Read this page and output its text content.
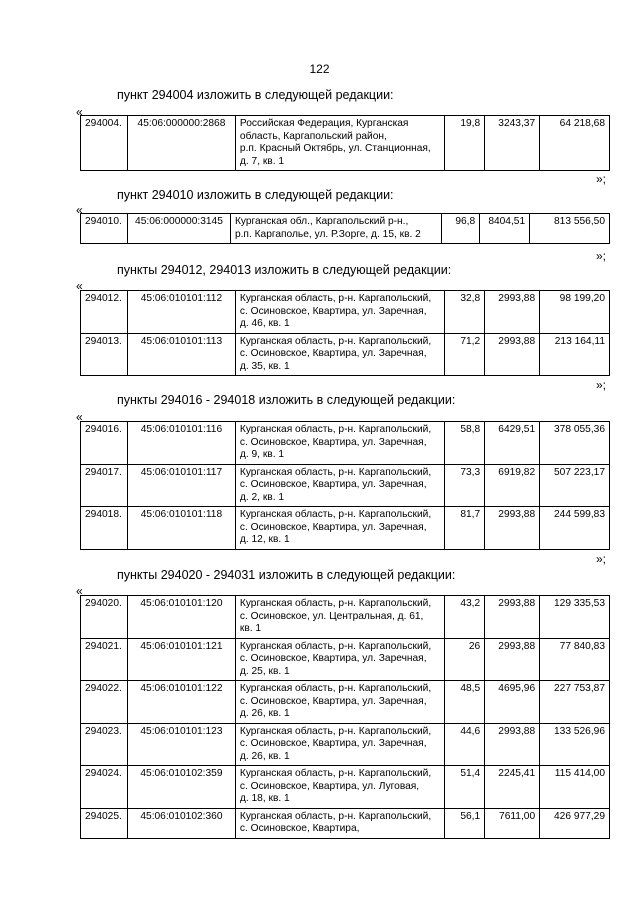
122
пункт 294004 изложить в следующей редакции:
«
294004.	45:06:000000:2868	Российская Федерация, Курганская
область, Каргапольский район,
р.п. Красный Октябрь, ул. Станционная,
д. 7, кв. 1
	19,8	3243,37	64 218,68
»;
пункт 294010 изложить в следующей редакции:
«
294010.	45:06:000000:3145	Курганская обл., Каргапольский р-н.,
р.п. Каргаполье, ул. Р.Зорге, д. 15, кв. 2
	96,8	8404,51	813 556,50
»;
пункты 294012, 294013 изложить в следующей редакции:
«
294012.	45:06:010101:112	Курганская область, р-н. Каргапольский,
с. Осиновское, Квартира, ул. Заречная,
д. 46, кв. 1	32,8	2993,88	98 199,20
294013.	45:06:010101:113	Курганская область, р-н. Каргапольский,
с. Осиновское, Квартира, ул. Заречная,
д. 35, кв. 1	71,2	2993,88	213 164,11
»;
пункты 294016 - 294018 изложить в следующей редакции:
«
294016.	45:06:010101:116	Курганская область, р-н. Каргапольский,
с. Осиновское, Квартира, ул. Заречная,
д. 9, кв. 1	58,8	6429,51	378 055,36
294017.	45:06:010101:117	Курганская область, р-н. Каргапольский,
с. Осиновское, Квартира, ул. Заречная,
д. 2, кв. 1	73,3	6919,82	507 223,17
294018.	45:06:010101:118	Курганская область, р-н. Каргапольский,
с. Осиновское, Квартира, ул. Заречная,
д. 12, кв. 1	81,7	2993,88	244 599,83
»;
пункты 294020 - 294031 изложить в следующей редакции:
«
294020.	45:06:010101:120	Курганская область, р-н. Каргапольский,
с. Осиновское, ул. Центральная, д. 61,
кв. 1	43,2	2993,88	129 335,53
294021.	45:06:010101:121	Курганская область, р-н. Каргапольский,
с. Осиновское, Квартира, ул. Заречная,
д. 25, кв. 1	26	2993,88	77 840,83
294022.	45:06:010101:122	Курганская область, р-н. Каргапольский,
с. Осиновское, Квартира, ул. Заречная,
д. 26, кв. 1	48,5	4695,96	227 753,87
294023.	45:06:010101:123	Курганская область, р-н. Каргапольский,
с. Осиновское, Квартира, ул. Заречная,
д. 26, кв. 1	44,6	2993,88	133 526,96
294024.	45:06:010102:359	Курганская область, р-н. Каргапольский,
с. Осиновское, Квартира, ул. Луговая,
д. 18, кв. 1	51,4	2245,41	115 414,00
294025.	45:06:010102:360	Курганская область, р-н. Каргапольский,
с. Осиновское, Квартира,	56,1	7611,00	426 977,29
